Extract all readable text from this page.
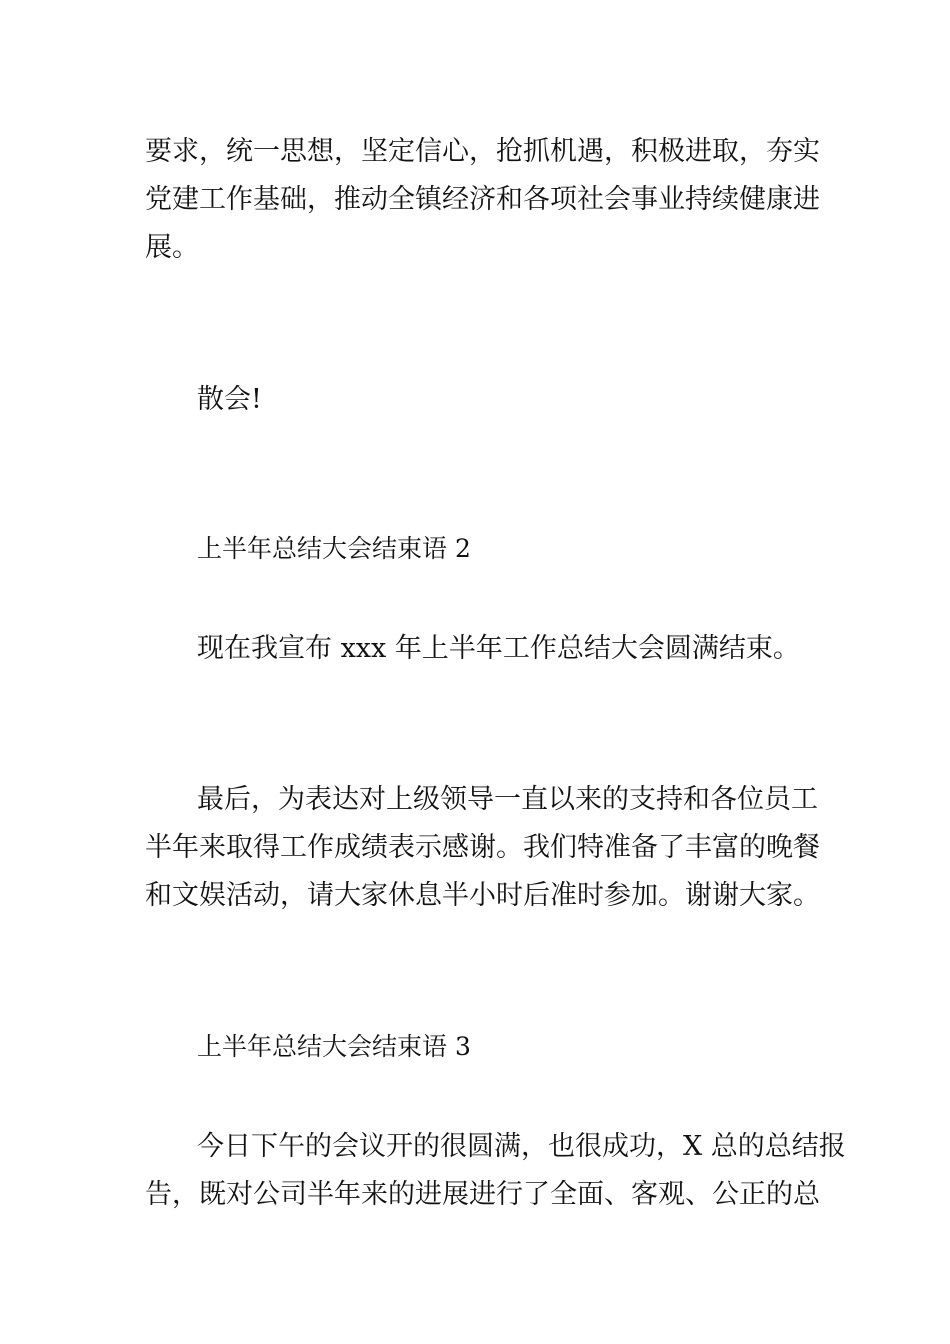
要求，统一思想，坚定信心，抢抓机遇，积极进取，夯实
党建工作基础，推动全镇经济和各项社会事业持续健康进
展。
散会!
上半年总结大会结束语 2
现在我宣布 xxx 年上半年工作总结大会圆满结束。
最后，为表达对上级领导一直以来的支持和各位员工
半年来取得工作成绩表示感谢。我们特准备了丰富的晚餐
和文娱活动，请大家休息半小时后准时参加。谢谢大家。
上半年总结大会结束语 3
今日下午的会议开的很圆满，也很成功，X 总的总结报
告，既对公司半年来的进展进行了全面、客观、公正的总
